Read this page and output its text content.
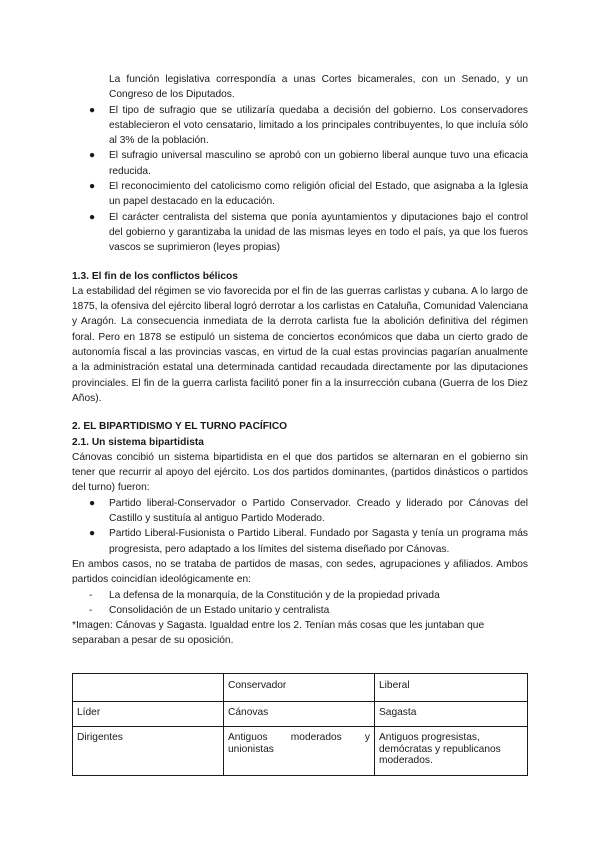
La función legislativa correspondía a unas Cortes bicamerales, con un Senado, y un Congreso de los Diputados.

●	El tipo de sufragio que se utilizaría quedaba a decisión del gobierno. Los conservadores establecieron el voto censatario, limitado a los principales contribuyentes, lo que incluía sólo al 3% de la población.
●	El sufragio universal masculino se aprobó con un gobierno liberal aunque tuvo una eficacia reducida.
●	El reconocimiento del catolicismo como religión oficial del Estado, que asignaba a la Iglesia un papel destacado en la educación.
●	El carácter centralista del sistema que ponía ayuntamientos y diputaciones bajo el control del gobierno y garantizaba la unidad de las mismas leyes en todo el país, ya que los fueros vascos se suprimieron (leyes propias)
1.3. El fin de los conflictos bélicos

La estabilidad del régimen se vio favorecida por el fin de las guerras carlistas y cubana. A lo largo de 1875, la ofensiva del ejército liberal logró derrotar a los carlistas en Cataluña, Comunidad Valenciana y Aragón. La consecuencia inmediata de la derrota carlista fue la abolición definitiva del régimen foral. Pero en 1878 se estipuló un sistema de conciertos económicos que daba un cierto grado de autonomía fiscal a las provincias vascas, en virtud de la cual estas provincias pagarían anualmente a la administración estatal una determinada cantidad recaudada directamente por las diputaciones provinciales. El fin de la guerra carlista facilitó poner fin a la insurrección cubana (Guerra de los Diez Años).

2. EL BIPARTIDISMO Y EL TURNO PACÍFICO
2.1. Un sistema bipartidista

Cánovas concibió un sistema bipartidista en el que dos partidos se alternaran en el gobierno sin tener que recurrir al apoyo del ejército. Los dos partidos dominantes, (partidos dinásticos o partidos del turno) fueron:

●	Partido liberal-Conservador o Partido Conservador. Creado y liderado por Cánovas del Castillo y sustituía al antiguo Partido Moderado.
●	Partido Liberal-Fusionista o Partido Liberal. Fundado por Sagasta y tenía un programa más progresista, pero adaptado a los límites del sistema diseñado por Cánovas.

En ambos casos, no se trataba de partidos de masas, con sedes, agrupaciones y afiliados. Ambos partidos coincidían ideológicamente en:

-	La defensa de la monarquía, de la Constitución y de la propiedad privada
-	Consolidación de un Estado unitario y centralista

*Imagen: Cánovas y Sagasta. Igualdad entre los 2. Tenían más cosas que les juntaban que separaban a pesar de su oposición.

	Conservador	Liberal
Líder	Cánovas	Sagasta
Dirigentes	Antiguos moderados y unionistas	Antiguos progresistas, demócratas y republicanos moderados.
